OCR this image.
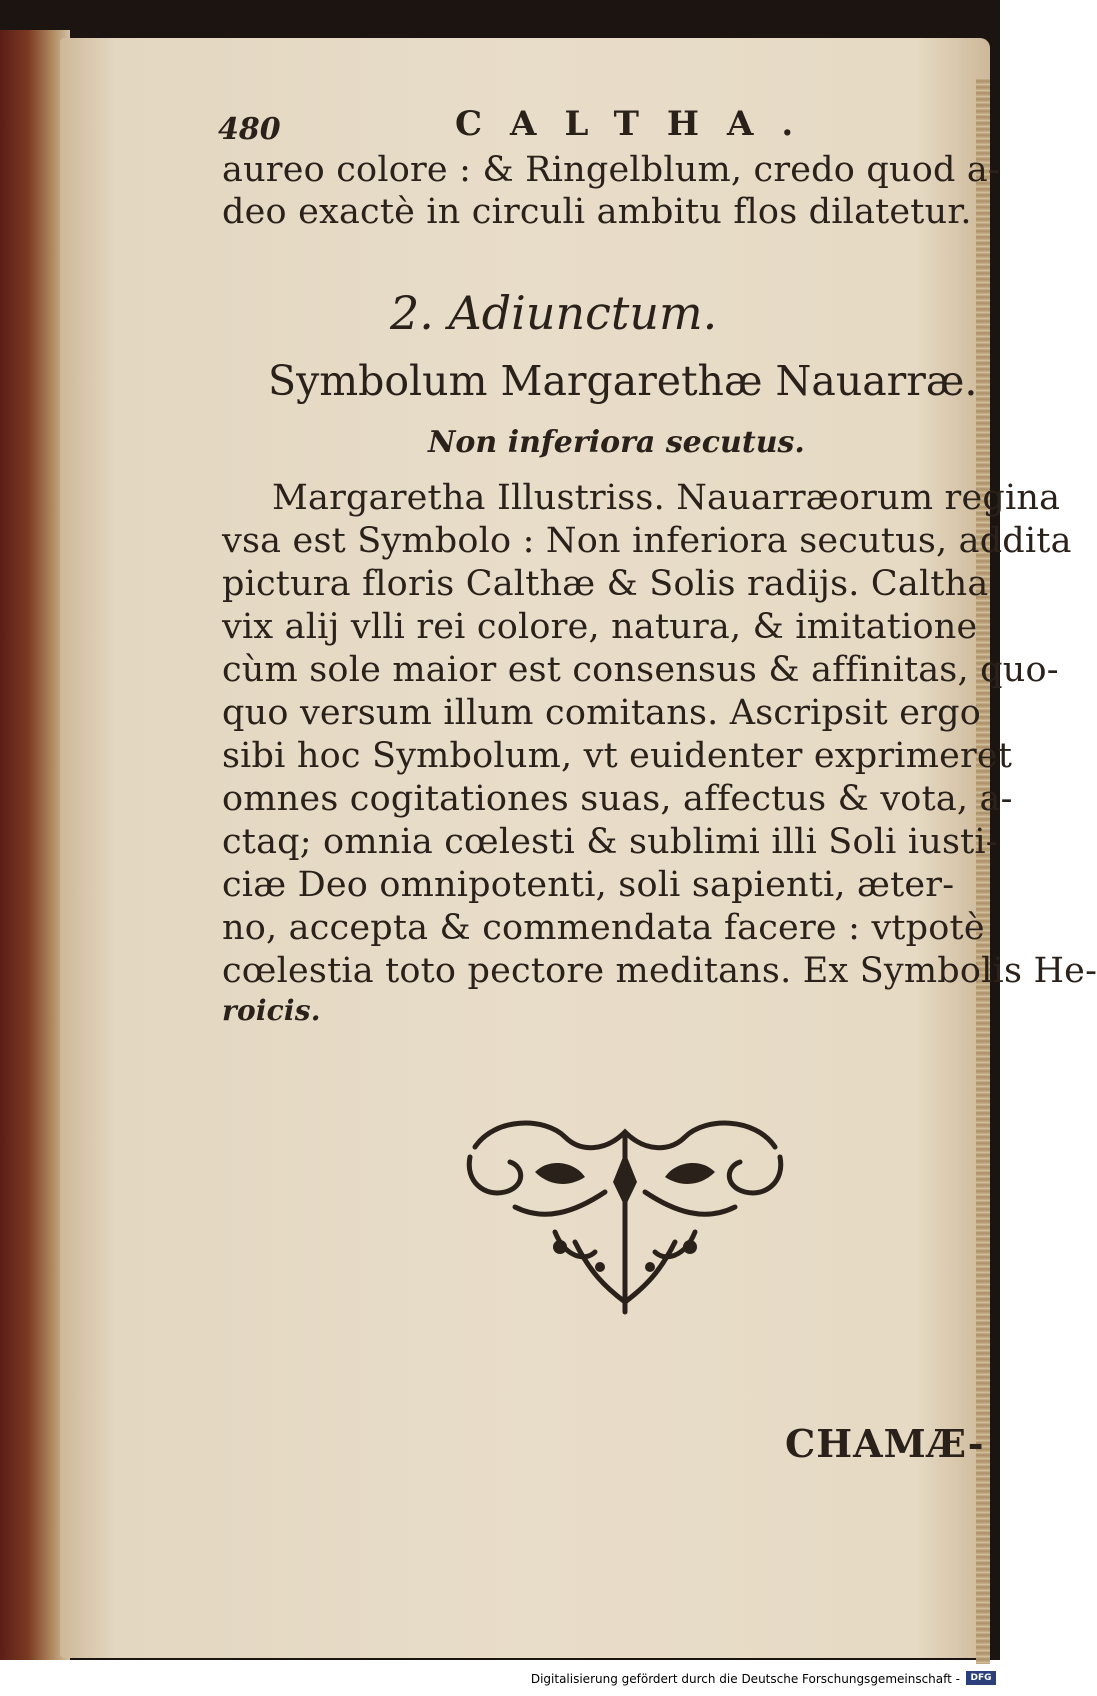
480	CALTHA.
aureo colore : & Ringelblum, credo quod a-
deo exactè in circuli ambitu flos dilatetur.
2. Adiunctum.
Symbolum Margarethæ Nauarræ.
Non inferiora secutus.
Margaretha Illustriss. Nauarræorum regina
vsa est Symbolo : Non inferiora secutus, addita
pictura floris Calthæ & Solis radijs. Caltha
vix alij vlli rei colore, natura, & imitatione
cùm sole maior est consensus & affinitas, quo-
quo versum illum comitans. Ascripsit ergo
sibi hoc Symbolum, vt euidenter exprimeret
omnes cogitationes suas, affectus & vota, a-
ctaq; omnia cœlesti & sublimi illi Soli iusti-
ciæ Deo omnipotenti, soli sapienti, æter-
no, accepta & commendata facere : vtpotè
cœlestia toto pectore meditans. Ex Symbolis He-
roicis.
CHAMÆ-
Digitalisierung gefördert durch die Deutsche Forschungsgemeinschaft -	DFG
